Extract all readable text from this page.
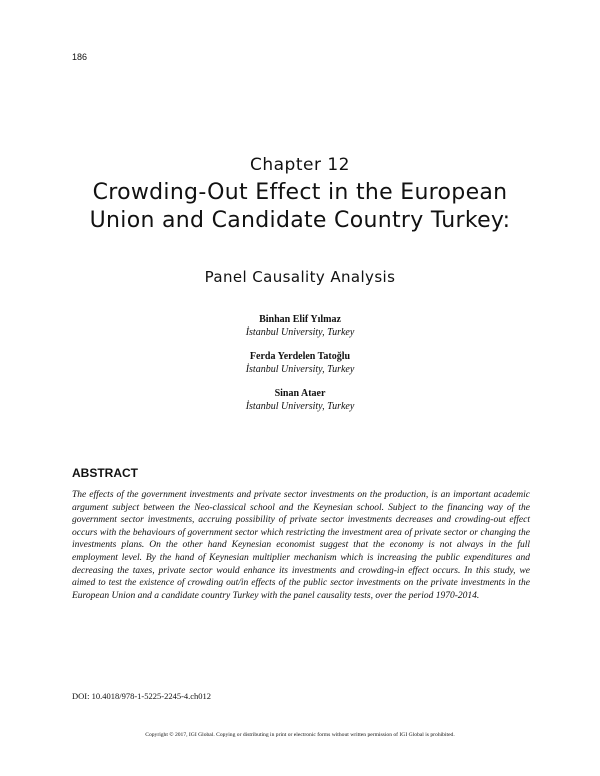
186
Chapter 12
Crowding-Out Effect in the European Union and Candidate Country Turkey:
Panel Causality Analysis
Binhan Elif Yılmaz
İstanbul University, Turkey
Ferda Yerdelen Tatoğlu
İstanbul University, Turkey
Sinan Ataer
İstanbul University, Turkey
ABSTRACT

The effects of the government investments and private sector investments on the production, is an important academic argument subject between the Neo-classical school and the Keynesian school. Subject to the financing way of the government sector investments, accruing possibility of private sector investments decreases and crowding-out effect occurs with the behaviours of government sector which restricting the investment area of private sector or changing the investments plans. On the other hand Keynesian economist suggest that the economy is not always in the full employment level. By the hand of Keynesian multiplier mechanism which is increasing the public expenditures and decreasing the taxes, private sector would enhance its investments and crowding-in effect occurs. In this study, we aimed to test the existence of crowding out/in effects of the public sector investments on the private investments in the European Union and a candidate country Turkey with the panel causality tests, over the period 1970-2014.

DOI: 10.4018/978-1-5225-2245-4.ch012
Copyright © 2017, IGI Global. Copying or distributing in print or electronic forms without written permission of IGI Global is prohibited.
